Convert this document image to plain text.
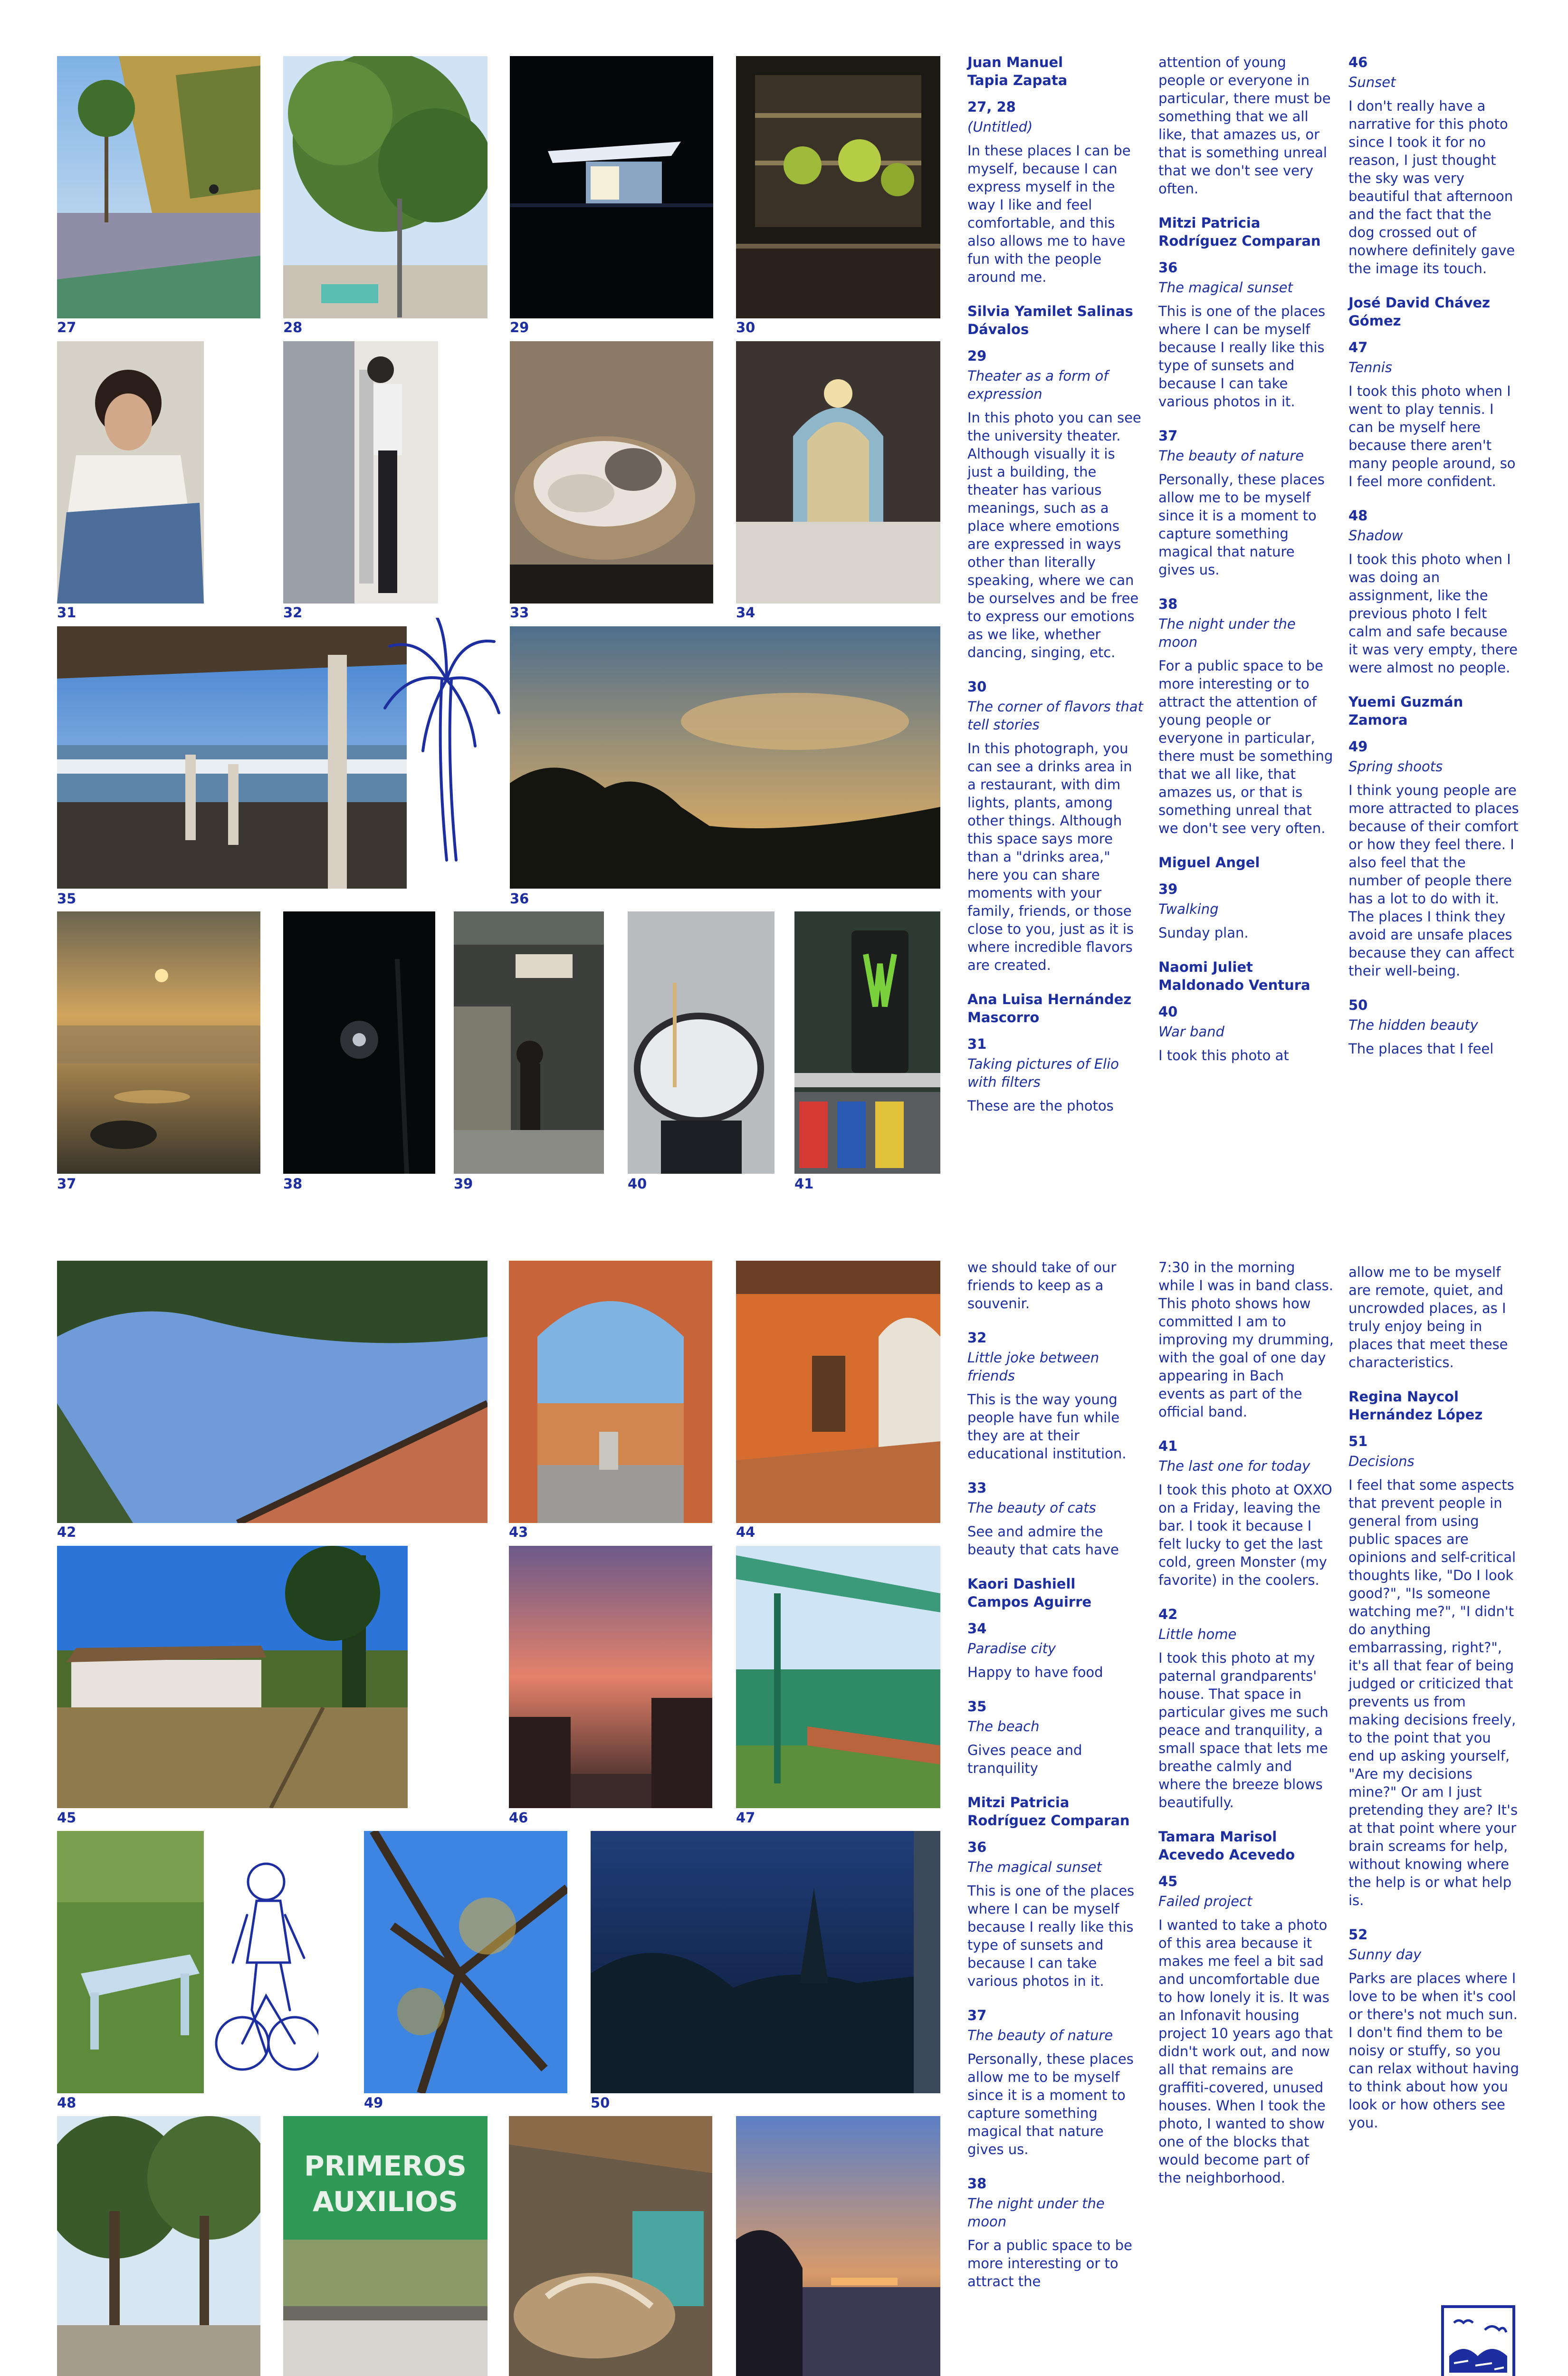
27	28	29	30
31	32	33	34
35	36
37	38	39	40	41
42	43	44
45	46	47
48	49	50
PRIMEROS
AUXILIOS

Juan Manuel
Tapia Zapata

27, 28

(Untitled)

In these places I can be myself, because I can express myself in the way I like and feel comfortable, and this also allows me to have fun with the people around me.

Silvia Yamilet Salinas
Dávalos

29

Theater as a form of expression

In this photo you can see the university theater. Although visually it is just a building, the theater has various meanings, such as a place where emotions are expressed in ways other than literally speaking, where we can be ourselves and be free to express our emotions as we like, whether dancing, singing, etc.

30

The corner of flavors that tell stories

In this photograph, you can see a drinks area in a restaurant, with dim lights, plants, among other things. Although this space says more than a "drinks area," here you can share moments with your family, friends, or those close to you, just as it is where incredible flavors are created.

Ana Luisa Hernández
Mascorro

31

Taking pictures of Elio with filters

These are the photos

attention of young people or everyone in particular, there must be something that we all like, that amazes us, or that is something unreal that we don't see very often.

Mitzi Patricia
Rodríguez Comparan

36

The magical sunset

This is one of the places where I can be myself because I really like this type of sunsets and because I can take various photos in it.

37

The beauty of nature

Personally, these places allow me to be myself since it is a moment to capture something magical that nature gives us.

38

The night under the moon

For a public space to be more interesting or to attract the attention of young people or everyone in particular, there must be something that we all like, that amazes us, or that is something unreal that we don't see very often.

Miguel Angel

39

Twalking

Sunday plan.

Naomi Juliet
Maldonado Ventura

40

War band

I took this photo at

46

Sunset

I don't really have a narrative for this photo since I took it for no reason, I just thought the sky was very beautiful that afternoon and the fact that the dog crossed out of nowhere definitely gave the image its touch.

José David Chávez
Gómez

47

Tennis

I took this photo when I went to play tennis. I can be myself here because there aren't many people around, so I feel more confident.

48

Shadow

I took this photo when I was doing an assignment, like the previous photo I felt calm and safe because it was very empty, there were almost no people.

Yuemi Guzmán
Zamora

49

Spring shoots

I think young people are more attracted to places because of their comfort or how they feel there. I also feel that the number of people there has a lot to do with it. The places I think they avoid are unsafe places because they can affect their well-being.

50

The hidden beauty

The places that I feel

we should take of our friends to keep as a souvenir.

32

Little joke between friends

This is the way young people have fun while they are at their educational institution.

33

The beauty of cats

See and admire the beauty that cats have

Kaori Dashiell
Campos Aguirre

34

Paradise city

Happy to have food

35

The beach

Gives peace and tranquility

Mitzi Patricia
Rodríguez Comparan

36

The magical sunset

This is one of the places where I can be myself because I really like this type of sunsets and because I can take various photos in it.

37

The beauty of nature

Personally, these places allow me to be myself since it is a moment to capture something magical that nature gives us.

38

The night under the moon

For a public space to be more interesting or to attract the

7:30 in the morning while I was in band class. This photo shows how committed I am to improving my drumming, with the goal of one day appearing in Bach events as part of the official band.

41

The last one for today

I took this photo at OXXO on a Friday, leaving the bar. I took it because I felt lucky to get the last cold, green Monster (my favorite) in the coolers.

42

Little home

I took this photo at my paternal grandparents' house. That space in particular gives me such peace and tranquility, a small space that lets me breathe calmly and where the breeze blows beautifully.

Tamara Marisol
Acevedo Acevedo

45

Failed project

I wanted to take a photo of this area because it makes me feel a bit sad and uncomfortable due to how lonely it is. It was an Infonavit housing project 10 years ago that didn't work out, and now all that remains are graffiti-covered, unused houses. When I took the photo, I wanted to show one of the blocks that would become part of the neighborhood.

allow me to be myself are remote, quiet, and uncrowded places, as I truly enjoy being in places that meet these characteristics.

Regina Naycol
Hernández López

51

Decisions

I feel that some aspects that prevent people in general from using public spaces are opinions and self-critical thoughts like, "Do I look good?", "Is someone watching me?", "I didn't do anything embarrassing, right?", it's all that fear of being judged or criticized that prevents us from making decisions freely, to the point that you end up asking yourself, "Are my decisions mine?" Or am I just pretending they are? It's at that point where your brain screams for help, without knowing where the help is or what help is.

52

Sunny day

Parks are places where I love to be when it's cool or there's not much sun. I don't find them to be noisy or stuffy, so you can relax without having to think about how you look or how others see you.
